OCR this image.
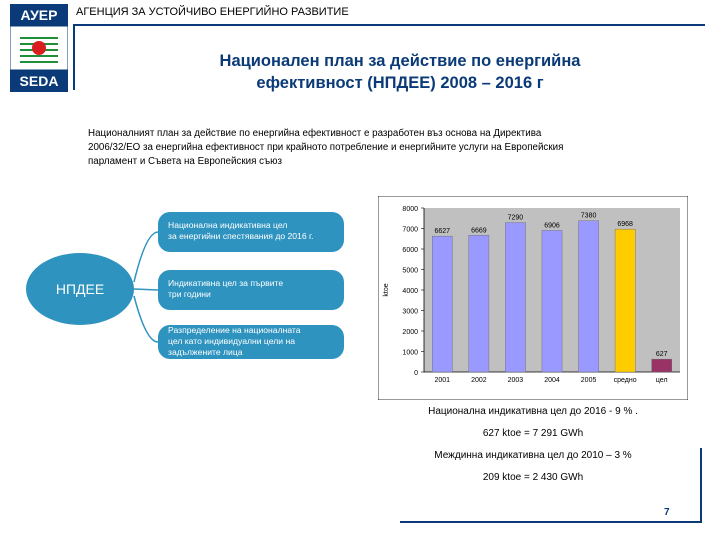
АУЕР
SEDA
АГЕНЦИЯ ЗА УСТОЙЧИВО ЕНЕРГИЙНО РАЗВИТИЕ
Национален план за действие по енергийна
ефективност (НПДЕЕ) 2008 – 2016 г
Националният план за действие по енергийна ефективност е разработен въз основа на Директива
2006/32/ЕО за енергийна ефективност при крайното потребление и енергийните услуги на Европейския
парламент и Съвета на Европейския съюз
НПДЕЕ
Национална индикативна цел
за енергийни спестявания до 2016 г.
Индикативна цел за първите
три години
Разпределение на националната
цел като индивидуални цели на
задължените лица
0
1000
2000
3000
4000
5000
6000
7000
8000
ktoe
6627
2001
6669
2002
7290
2003
6906
2004
7380
2005
6968
средно
627
цел
Национална индикативна цел до 2016 - 9 % .
627 ktoe = 7 291 GWh
Междинна индикативна цел до 2010 – 3 %
209 ktoe = 2 430 GWh
7
